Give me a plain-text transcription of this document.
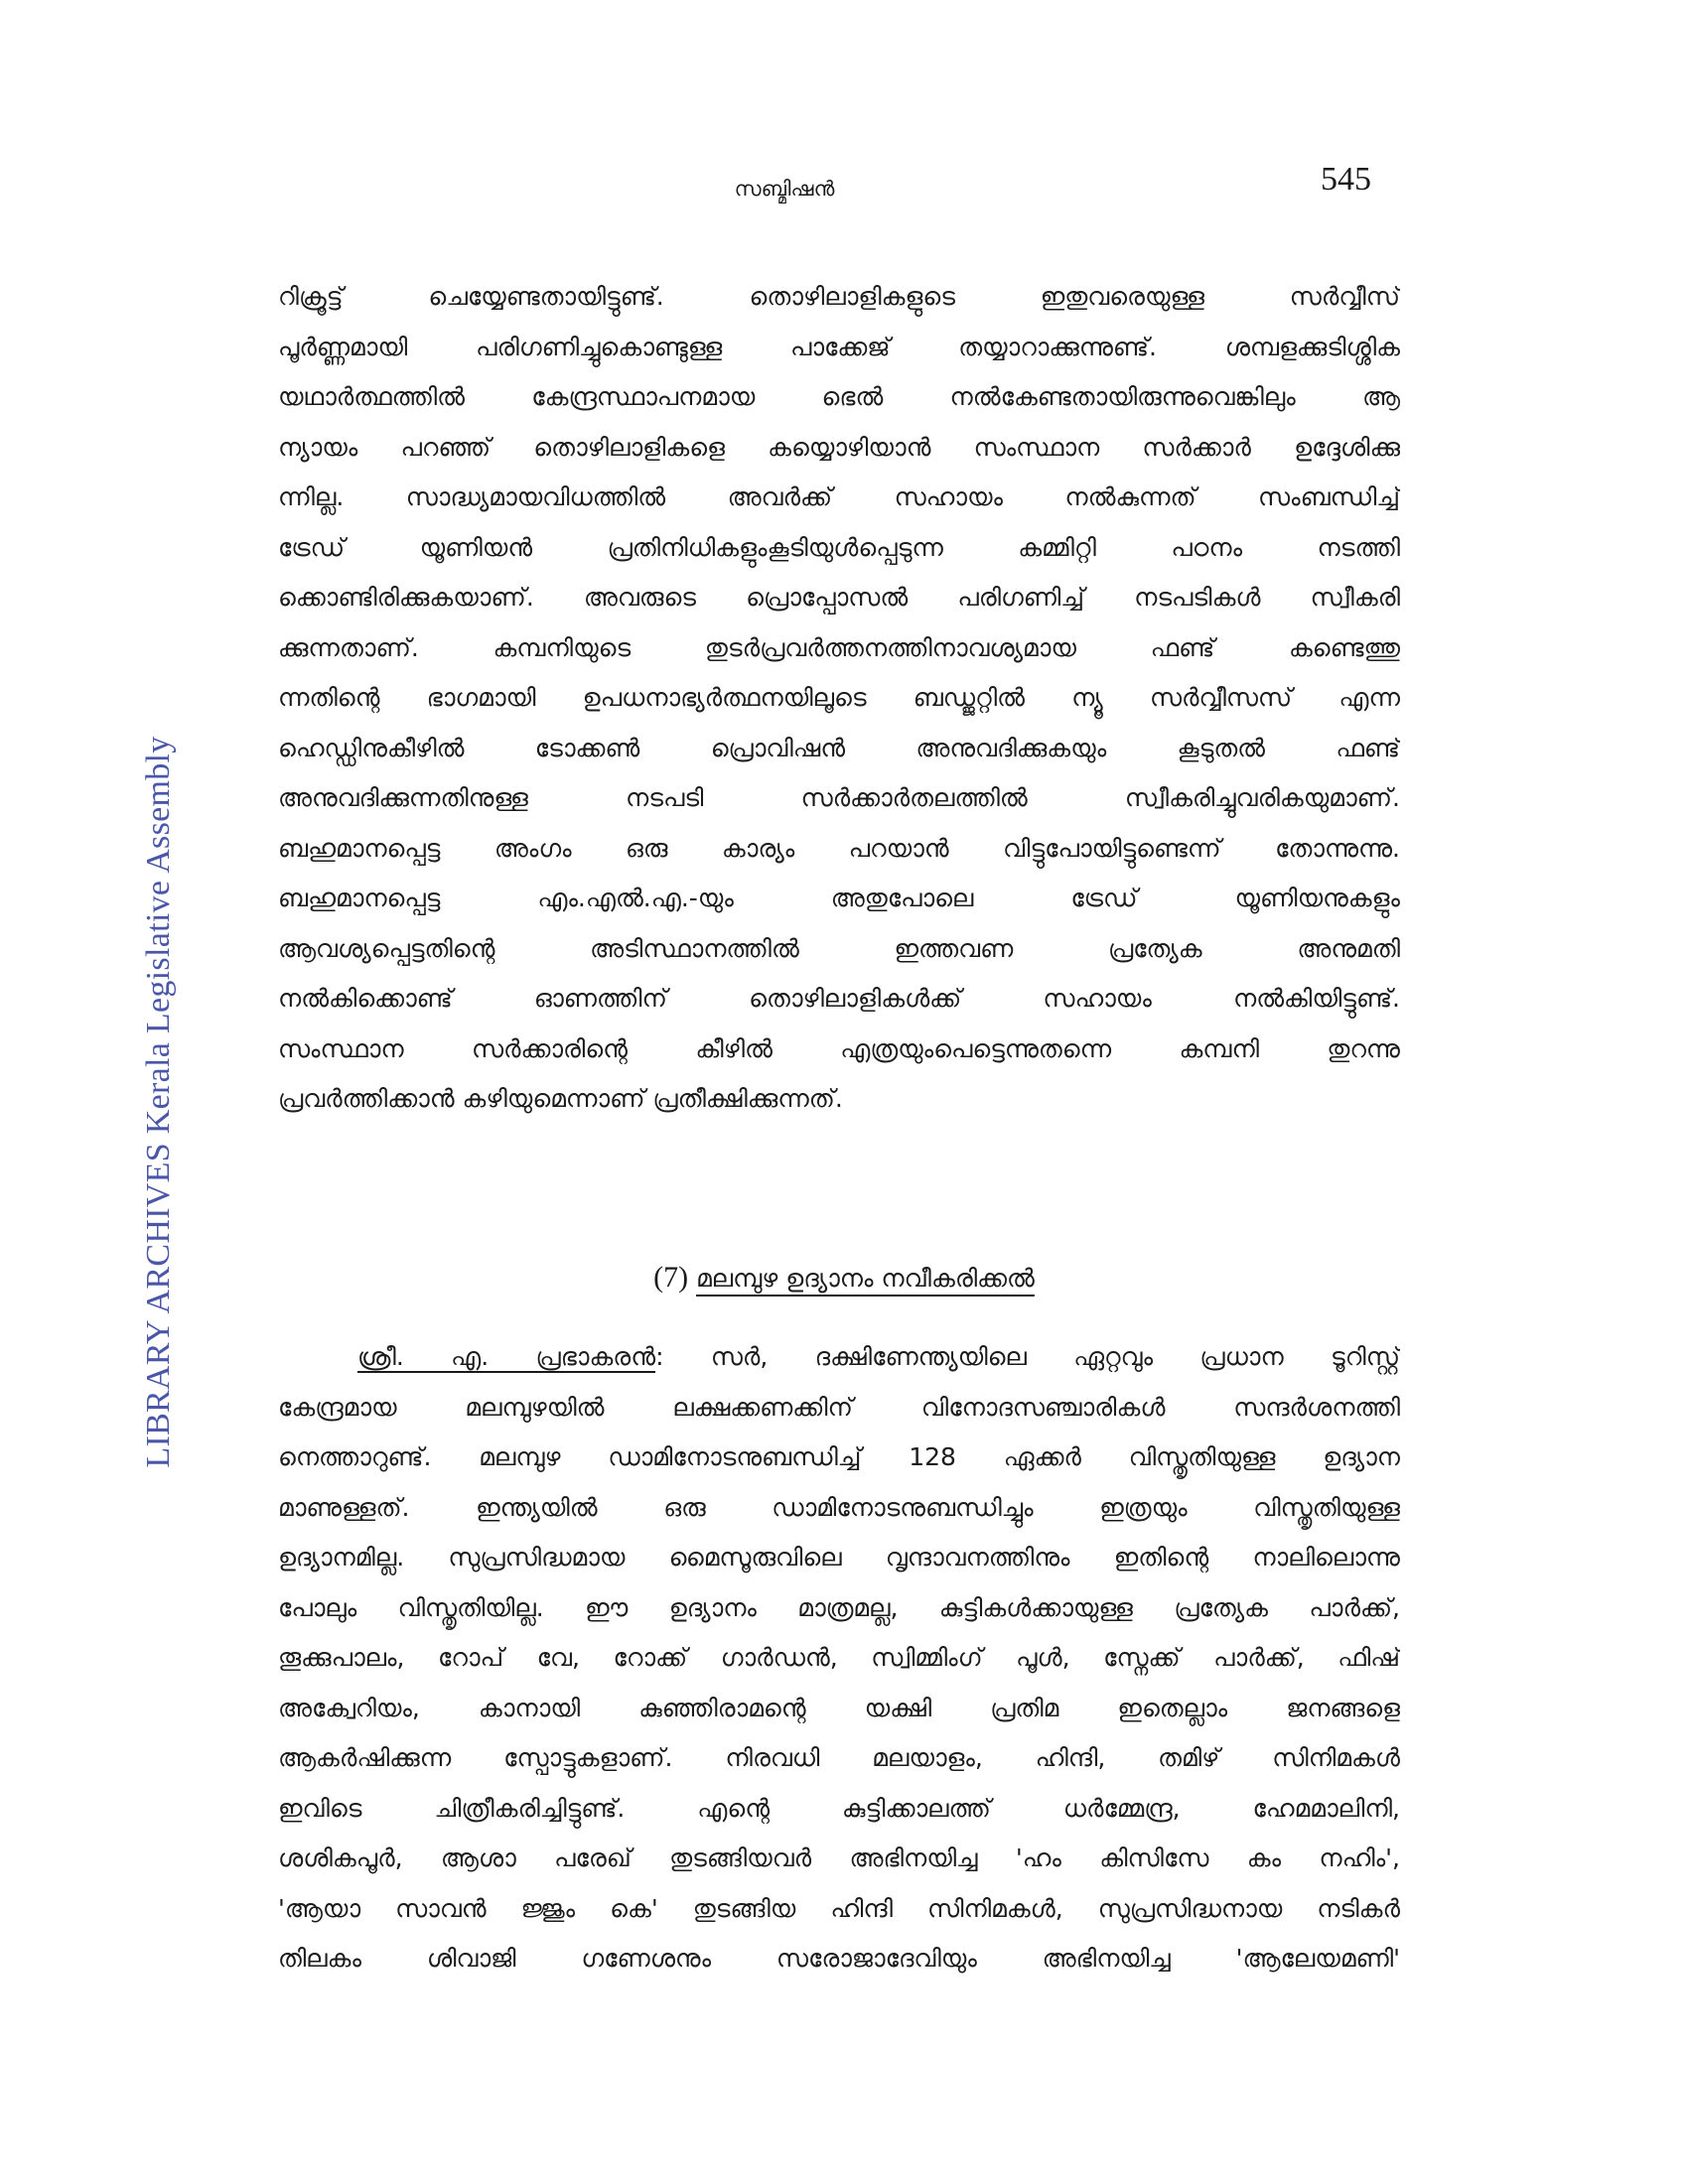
സബ്മിഷൻ	545
LIBRARY ARCHIVES Kerala Legislative Assembly
റിക്രൂട്ട് ചെയ്യേണ്ടതായിട്ടുണ്ട്. തൊഴിലാളികളുടെ ഇതുവരെയുള്ള സർവ്വീസ്
പൂർണ്ണമായി പരിഗണിച്ചുകൊണ്ടുള്ള പാക്കേജ് തയ്യാറാക്കുന്നുണ്ട്. ശമ്പളക്കുടിശ്ശിക
യഥാർത്ഥത്തിൽ കേന്ദ്രസ്ഥാപനമായ ഭെൽ നൽകേണ്ടതായിരുന്നുവെങ്കിലും ആ
ന്യായം പറഞ്ഞ് തൊഴിലാളികളെ കയ്യൊഴിയാൻ സംസ്ഥാന സർക്കാർ ഉദ്ദേശിക്കു
ന്നില്ല. സാദ്ധ്യമായവിധത്തിൽ അവർക്ക് സഹായം നൽകുന്നത് സംബന്ധിച്ച്
ട്രേഡ് യൂണിയൻ പ്രതിനിധികളുംകൂടിയുൾപ്പെടുന്ന കമ്മിറ്റി പഠനം നടത്തി
ക്കൊണ്ടിരിക്കുകയാണ്. അവരുടെ പ്രൊപ്പോസൽ പരിഗണിച്ച് നടപടികൾ സ്വീകരി
ക്കുന്നതാണ്. കമ്പനിയുടെ തുടർപ്രവർത്തനത്തിനാവശ്യമായ ഫണ്ട് കണ്ടെത്തു
ന്നതിന്റെ ഭാഗമായി ഉപധനാഭ്യർത്ഥനയിലൂടെ ബഡ്ജറ്റിൽ ന്യൂ സർവ്വീസസ് എന്ന
ഹെഡ്ഡിനുകീഴിൽ ടോക്കൺ പ്രൊവിഷൻ അനുവദിക്കുകയും കൂടുതൽ ഫണ്ട്
അനുവദിക്കുന്നതിനുള്ള നടപടി സർക്കാർതലത്തിൽ സ്വീകരിച്ചുവരികയുമാണ്.
ബഹുമാനപ്പെട്ട അംഗം ഒരു കാര്യം പറയാൻ വിട്ടുപോയിട്ടുണ്ടെന്ന് തോന്നുന്നു.
ബഹുമാനപ്പെട്ട എം.എൽ.എ.-യും അതുപോലെ ട്രേഡ് യൂണിയനുകളും
ആവശ്യപ്പെട്ടതിന്റെ അടിസ്ഥാനത്തിൽ ഇത്തവണ പ്രത്യേക അനുമതി
നൽകിക്കൊണ്ട് ഓണത്തിന് തൊഴിലാളികൾക്ക് സഹായം നൽകിയിട്ടുണ്ട്.
സംസ്ഥാന സർക്കാരിന്റെ കീഴിൽ എത്രയുംപെട്ടെന്നുതന്നെ കമ്പനി തുറന്നു
പ്രവർത്തിക്കാൻ കഴിയുമെന്നാണ് പ്രതീക്ഷിക്കുന്നത്.
(7) മലമ്പുഴ ഉദ്യാനം നവീകരിക്കൽ
ശ്രീ. എ. പ്രഭാകരൻ: സർ, ദക്ഷിണേന്ത്യയിലെ ഏറ്റവും പ്രധാന ടൂറിസ്റ്റ്
കേന്ദ്രമായ മലമ്പുഴയിൽ ലക്ഷക്കണക്കിന് വിനോദസഞ്ചാരികൾ സന്ദർശനത്തി
നെത്താറുണ്ട്. മലമ്പുഴ ഡാമിനോടനുബന്ധിച്ച് 128 ഏക്കർ വിസ്തൃതിയുള്ള ഉദ്യാന
മാണുള്ളത്. ഇന്ത്യയിൽ ഒരു ഡാമിനോടനുബന്ധിച്ചും ഇത്രയും വിസ്തൃതിയുള്ള
ഉദ്യാനമില്ല. സുപ്രസിദ്ധമായ മൈസൂരുവിലെ വൃന്ദാവനത്തിനും ഇതിന്റെ നാലിലൊന്നു
പോലും വിസ്തൃതിയില്ല. ഈ ഉദ്യാനം മാത്രമല്ല, കുട്ടികൾക്കായുള്ള പ്രത്യേക പാർക്ക്,
തൂക്കുപാലം, റോപ് വേ, റോക്ക് ഗാർഡൻ, സ്വിമ്മിംഗ് പൂൾ, സ്നേക്ക് പാർക്ക്, ഫിഷ്
അക്വേറിയം, കാനായി കുഞ്ഞിരാമന്റെ യക്ഷി പ്രതിമ ഇതെല്ലാം ജനങ്ങളെ
ആകർഷിക്കുന്ന സ്പോട്ടുകളാണ്. നിരവധി മലയാളം, ഹിന്ദി, തമിഴ് സിനിമകൾ
ഇവിടെ ചിത്രീകരിച്ചിട്ടുണ്ട്. എന്റെ കുട്ടിക്കാലത്ത് ധർമ്മേന്ദ്ര, ഹേമമാലിനി,
ശശികപൂർ, ആശാ പരേഖ് തുടങ്ങിയവർ അഭിനയിച്ച 'ഹം കിസിസേ കം നഹിം',
'ആയാ സാവൻ ജ്ജും കെ' തുടങ്ങിയ ഹിന്ദി സിനിമകൾ, സുപ്രസിദ്ധനായ നടികർ
തിലകം ശിവാജി ഗണേശനും സരോജാദേവിയും അഭിനയിച്ച 'ആലേയമണി'
